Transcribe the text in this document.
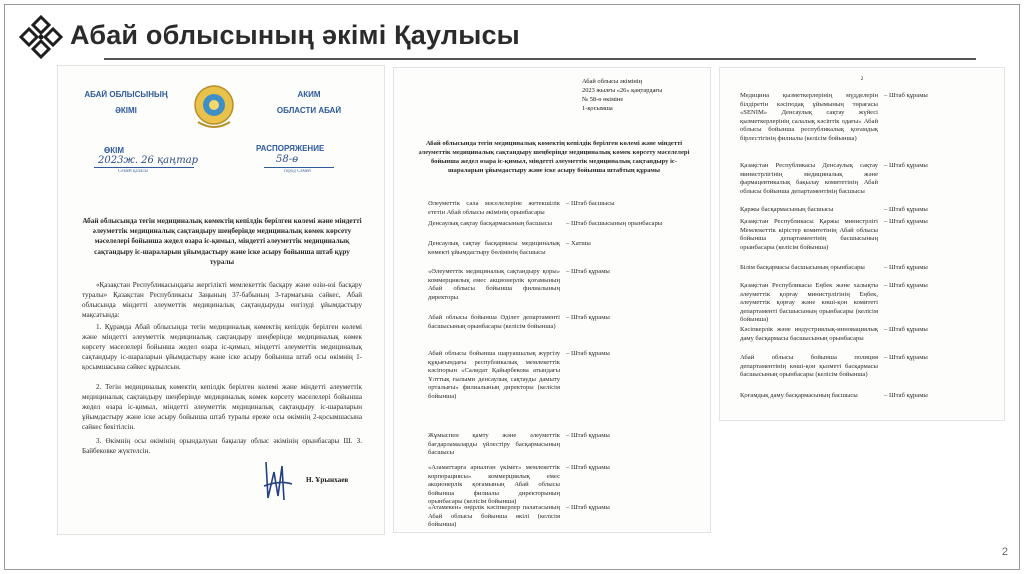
Абай облысының әкімі Қаулысы
2
АБАЙ ОБЛЫСЫНЫҢ
ӘКІМІ
АКИМ
ОБЛАСТИ АБАЙ
ӨКІМ	РАСПОРЯЖЕНИЕ
2023ж. 26 қаңтар	58-ө
Семей қаласы	город Семей
Абай облысында тегін медициналық көмектің кепілдік берілген көлемі және міндетті әлеуметтік медициналық сақтандыру шеңберінде медициналық көмек көрсету мәселелері бойынша жедел өзара іс-қимыл, міндетті әлеуметтік медициналық сақтандыру іс-шараларын ұйымдастыру және іске асыру бойынша штаб құру туралы
«Қазақстан Республикасындағы жергілікті мемлекеттік басқару және өзін-өзі басқару туралы» Қазақстан Республикасы Заңының 37-бабының 3-тармағына сәйкес, Абай облысында міндетті әлеуметтік медициналық сақтандыруды енгізуді ұйымдастыру мақсатында:
1. Құрамда Абай облысында тегін медициналық көмектің кепілдік берілген көлемі және міндетті әлеуметтік медициналық сақтандыру шеңберінде медициналық көмек көрсету мәселелері бойынша жедел өзара іс-қимыл, міндетті әлеуметтік медициналық сақтандыру іс-шараларын ұйымдастыру және іске асыру бойынша штаб осы өкімнің 1-қосымшасына сәйкес құрылсын.
2. Тегін медициналық көмектің кепілдік берілген көлемі және міндетті әлеуметтік медициналық сақтандыру шеңберінде медициналық көмек көрсету мәселелері бойынша жедел өзара іс-қимыл, міндетті әлеуметтік медициналық сақтандыру іс-шараларын ұйымдастыру және іске асыру бойынша штаб туралы ереже осы өкімнің 2-қосымшасына сәйкес бекітілсін.
3. Өкімнің осы өкімінің орындалуын бақылау облыс әкімінің орынбасары Ш. З. Байбековке жүктелсін.
Н. Ұрынхаев
Абай облысы әкімінің
2023 жылғы «26» қаңтардағы
№ 58-ө өкіміне
1-қосымша
Абай облысында тегін медициналық көмектің кепілдік берілген көлемі және міндетті әлеуметтік медициналық сақтандыру шеңберінде медициналық көмек көрсету мәселелері бойынша жедел өзара іс-қимыл, міндетті әлеуметтік медициналық сақтандыру іс-шараларын ұйымдастыру және іске асыру бойынша штабтың құрамы
Әлеуметтік сала мәселелеріне жетекшілік ететін Абай облысы әкімінің орынбасары
– Штаб басшысы
Денсаулық сақтау басқармасының басшысы	– Штаб басшысының орынбасары
Денсаулық сақтау басқармасы медициналық көмекті ұйымдастыру бөлімінің басшысы
– Хатшы
«Әлеуметтік медициналық сақтандыру қоры» коммерциялық емес акционерлік қоғамының Абай облысы бойынша филиалының директоры
– Штаб құрамы
Абай облысы бойынша Әділет департаменті басшысының орынбасары (келісім бойынша)
– Штаб құрамы
Абай облысы бойынша шаруашылық жүргізу құқығындағы республикалық мемлекеттік кәсіпорын «Салидат Қайырбекова атындағы Ұлттық ғылыми денсаулық сақтауды дамыту орталығы» филиалының директоры (келісім бойынша)
– Штаб құрамы
Жұмыспен қамту және әлеуметтік бағдарламаларды үйлестіру басқармасының басшысы
– Штаб құрамы
«Азаматтарға арналған үкімет» мемлекеттік корпорациясы» коммерциялық емес акционерлік қоғамының Абай облысы бойынша филиалы директорының орынбасары (келісім бойынша)
– Штаб құрамы
«Атамекен» өңірлік кәсіпкерлер палатасының Абай облысы бойынша өкілі (келісім бойынша)
– Штаб құрамы
2
Медицина қызметкерлерінің мүдделерін білдіретін кәсіподақ ұйымының төрағасы «SENIM» Денсаулық сақтау жүйесі қызметкерлерінің салалық кәсіптік одағы» Абай облысы бойынша республикалық қоғамдық бірлестігінің филиалы (келісім бойынша)
– Штаб құрамы
Қазақстан Республикасы Денсаулық сақтау министрлігінің медициналық және фармацевтикалық бақылау комитетінің Абай облысы бойынша департаментінің басшысы
– Штаб құрамы
Қаржы басқармасының басшысы	– Штаб құрамы
Қазақстан Республикасы Қаржы министрлігі Мемлекеттік кірістер комитетінің Абай облысы бойынша департаментінің басшысының орынбасары (келісім бойынша)
– Штаб құрамы
Білім басқармасы басшысының орынбасары	– Штаб құрамы
Қазақстан Республикасы Еңбек және халықты әлеуметтік қорғау министрлігінің Еңбек, әлеуметтік қорғау және көші-қон комитеті департаменті басшысының орынбасары (келісім бойынша)
– Штаб құрамы
Кәсіпкерлік және индустриялық-инновациялық даму басқармасы басшысының орынбасары
– Штаб құрамы
Абай облысы бойынша полиция департаментінің көші-қон қызметі басқармасы басшысының орынбасары (келісім бойынша)
– Штаб құрамы
Қоғамдық даму басқармасының басшысы	– Штаб құрамы
